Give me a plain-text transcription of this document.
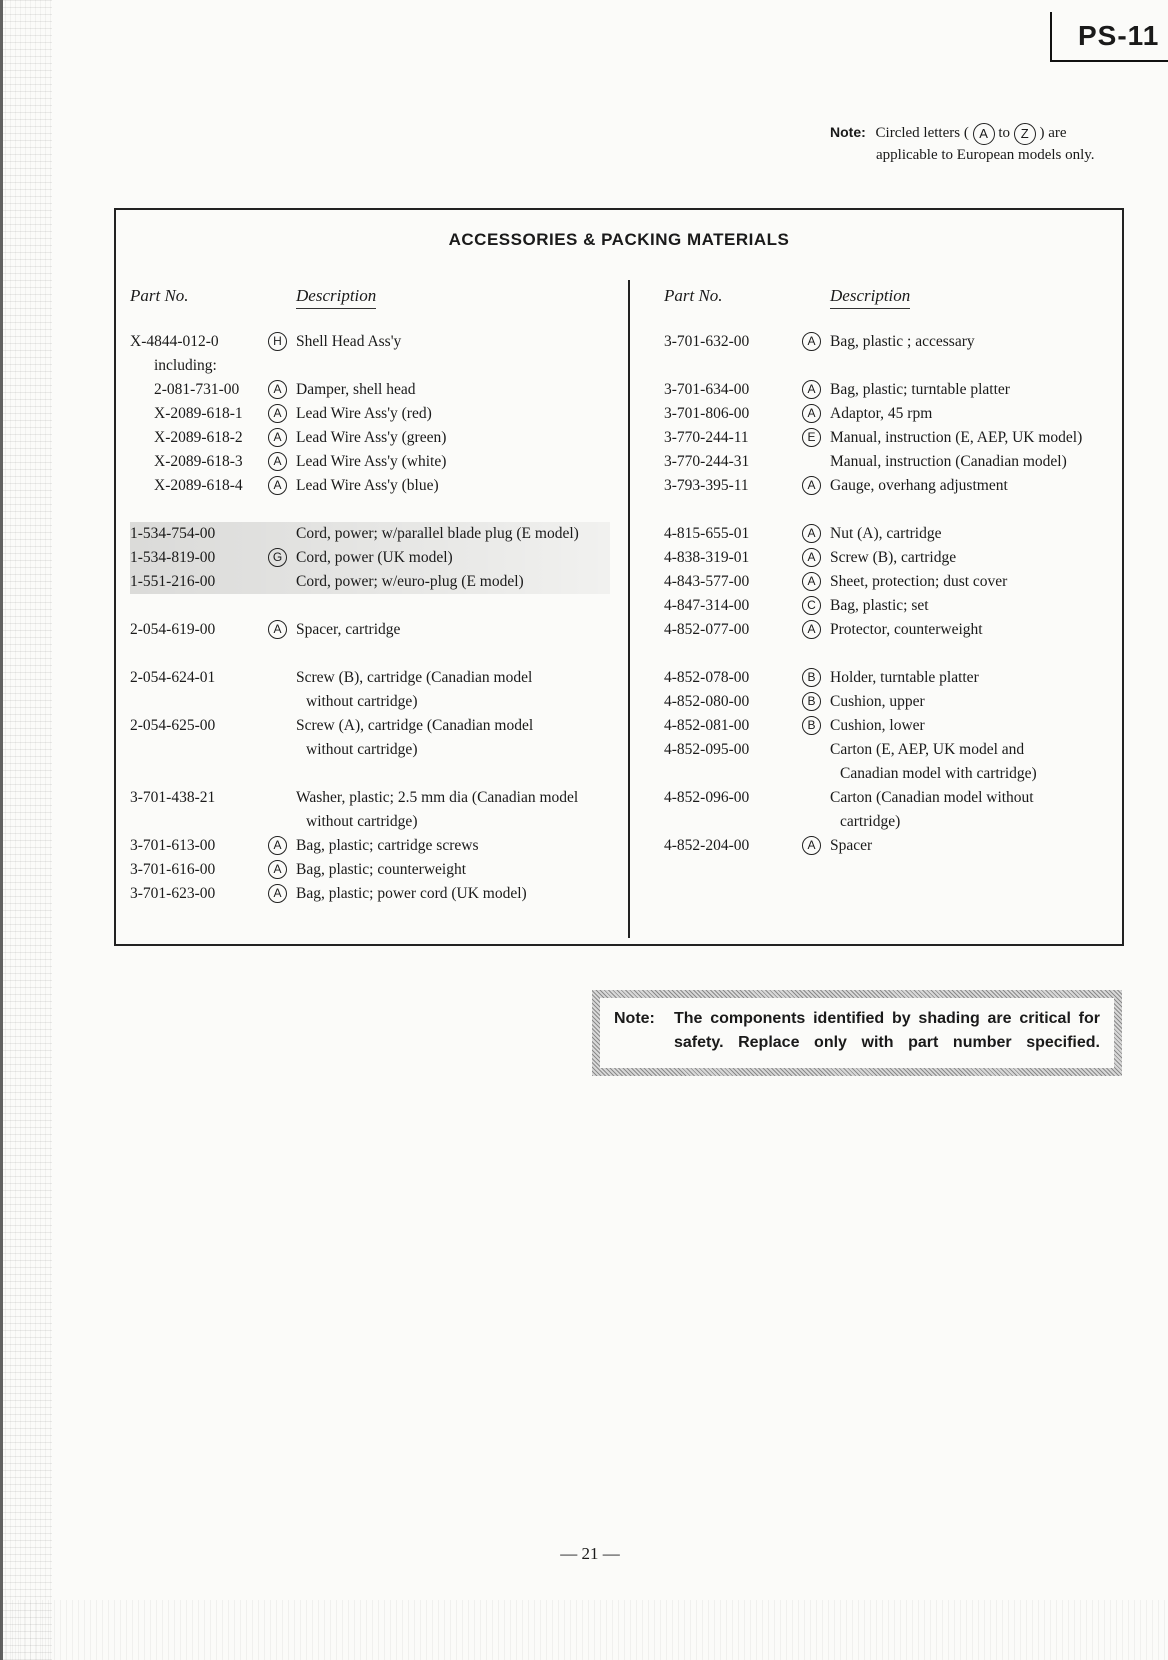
PS-11
Note: Circled letters ( A to Z ) are
applicable to European models only.
ACCESSORIES & PACKING MATERIALS
Part No.	Description
X-4844-012-0	H Shell Head Ass'y
including:
2-081-731-00	A Damper, shell head
X-2089-618-1	A Lead Wire Ass'y (red)
X-2089-618-2	A Lead Wire Ass'y (green)
X-2089-618-3	A Lead Wire Ass'y (white)
X-2089-618-4	A Lead Wire Ass'y (blue)
1-534-754-00	Cord, power; w/parallel blade plug (E model)
1-534-819-00	G Cord, power (UK model)
1-551-216-00	Cord, power; w/euro-plug (E model)
2-054-619-00	A Spacer, cartridge
2-054-624-01	Screw (B), cartridge (Canadian model
without cartridge)
2-054-625-00	Screw (A), cartridge (Canadian model
without cartridge)
3-701-438-21	Washer, plastic; 2.5 mm dia (Canadian model
without cartridge)
3-701-613-00	A Bag, plastic; cartridge screws
3-701-616-00	A Bag, plastic; counterweight
3-701-623-00	A Bag, plastic; power cord (UK model)
Part No.	Description
3-701-632-00	A Bag, plastic ; accessary
3-701-634-00	A Bag, plastic; turntable platter
3-701-806-00	A Adaptor, 45 rpm
3-770-244-11	E Manual, instruction (E, AEP, UK model)
3-770-244-31	Manual, instruction (Canadian model)
3-793-395-11	A Gauge, overhang adjustment
4-815-655-01	A Nut (A), cartridge
4-838-319-01	A Screw (B), cartridge
4-843-577-00	A Sheet, protection; dust cover
4-847-314-00	C Bag, plastic; set
4-852-077-00	A Protector, counterweight
4-852-078-00	B Holder, turntable platter
4-852-080-00	B Cushion, upper
4-852-081-00	B Cushion, lower
4-852-095-00	Carton (E, AEP, UK model and
Canadian model with cartridge)
4-852-096-00	Carton (Canadian model without
cartridge)
4-852-204-00	A Spacer
Note: The components identified by shading are critical for safety. Replace only with part number specified.
— 21 —
